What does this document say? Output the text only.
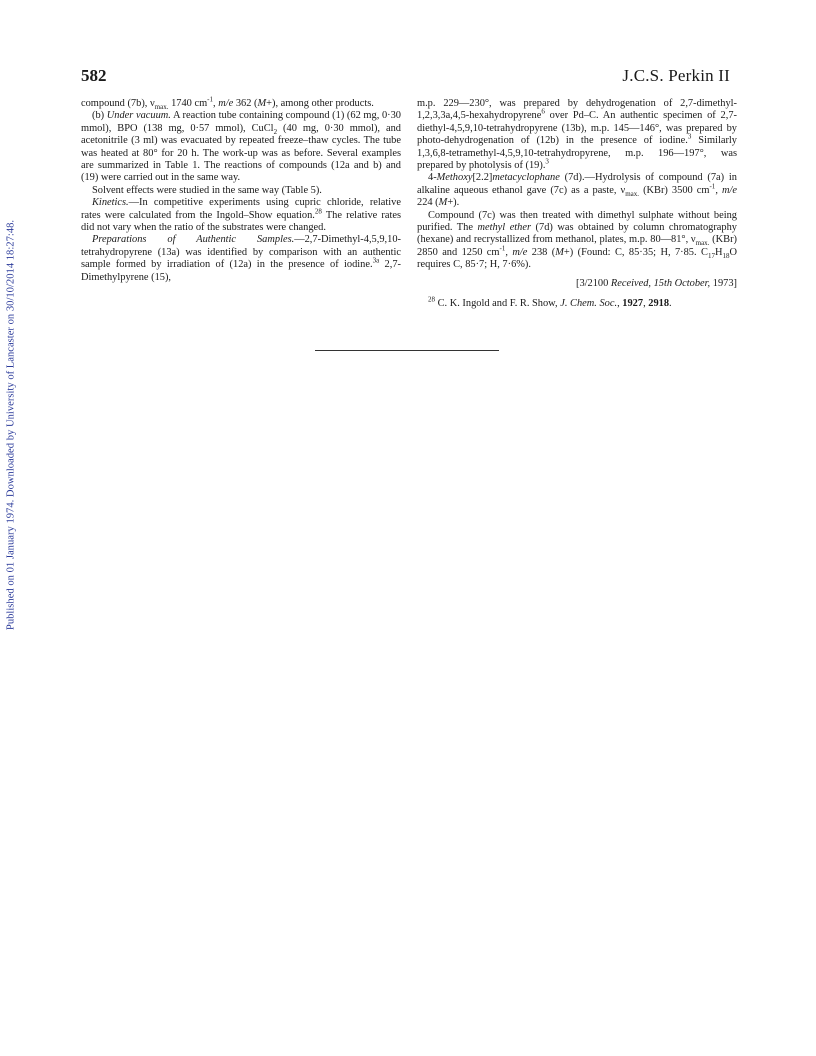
Published on 01 January 1974. Downloaded by University of Lancaster on 30/10/2014 18:27:48.
582	J.C.S. Perkin II

compound (7b), $\nu_{max.}$ 1740 $cm^{-1}$, m/e 362 (M+), among other products.

(b) Under vacuum. A reaction tube containing compound (1) (62 mg, 0·30 mmol), BPO (138 mg, 0·57 mmol), CuCl$_2$ (40 mg, 0·30 mmol), and acetonitrile (3 ml) was evacuated by repeated freeze–thaw cycles. The tube was heated at 80° for 20 h. The work-up was as before. Several examples are summarized in Table 1. The reactions of compounds (12a and b) and (19) were carried out in the same way.

Solvent effects were studied in the same way (Table 5).

Kinetics.—In competitive experiments using cupric chloride, relative rates were calculated from the Ingold–Show equation.$^{28}$ The relative rates did not vary when the ratio of the substrates were changed.

Preparations of Authentic Samples.—2,7-Dimethyl-4,5,9,10-tetrahydropyrene (13a) was identified by comparison with an authentic sample formed by irradiation of (12a) in the presence of iodine.$^{3a}$ 2,7-Dimethylpyrene (15),

m.p. 229—230°, was prepared by dehydrogenation of 2,7-dimethyl-1,2,3,3a,4,5-hexahydropyrene$^6$ over Pd–C. An authentic specimen of 2,7-diethyl-4,5,9,10-tetrahydropyrene (13b), m.p. 145—146°, was prepared by photo-dehydrogenation of (12b) in the presence of iodine.$^3$ Similarly 1,3,6,8-tetramethyl-4,5,9,10-tetrahydropyrene, m.p. 196—197°, was prepared by photolysis of (19).$^3$

4-Methoxy[2.2]metacyclophane (7d).—Hydrolysis of compound (7a) in alkaline aqueous ethanol gave (7c) as a paste, $\nu_{max.}$ (KBr) 3500 $cm^{-1}$, m/e 224 (M+).

Compound (7c) was then treated with dimethyl sulphate without being purified. The methyl ether (7d) was obtained by column chromatography (hexane) and recrystallized from methanol, plates, m.p. 80—81°, $\nu_{max.}$ (KBr) 2850 and 1250 $cm^{-1}$, m/e 238 (M+) (Found: C, 85·35; H, 7·85. $C_{17}H_{18}O$ requires C, 85·7; H, 7·6%).

[3/2100 Received, 15th October, 1973]

$^{28}$ C. K. Ingold and F. R. Show, J. Chem. Soc., 1927, 2918.
